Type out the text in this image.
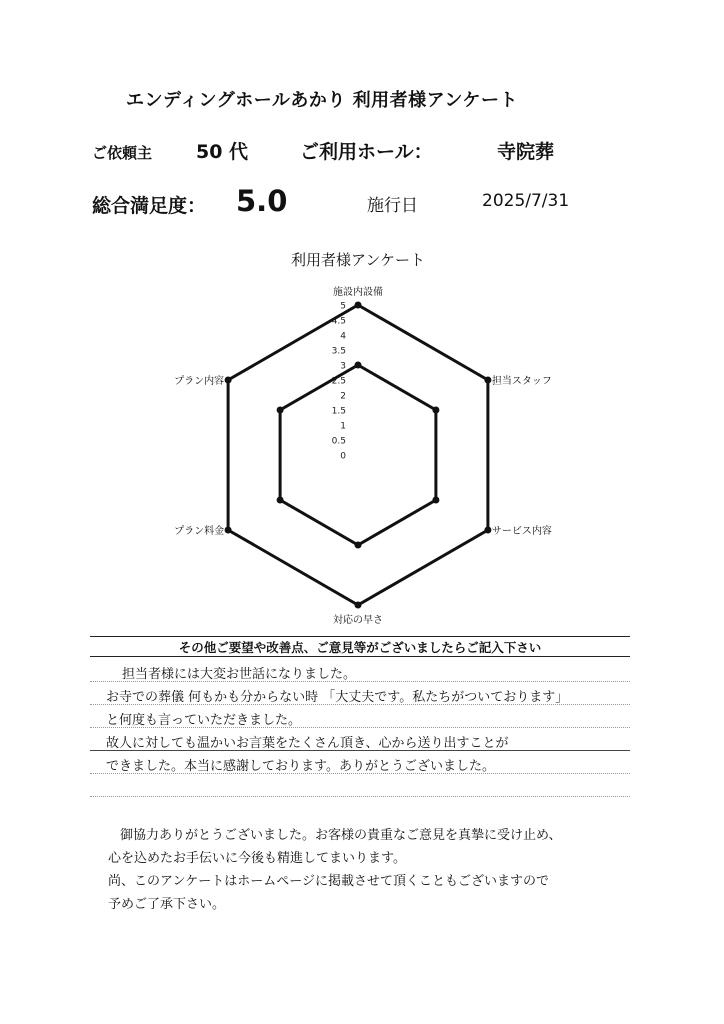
エンディングホールあかり 利用者様アンケート
ご依頼主 50 代	ご利用ホール：	寺院葬
総合満足度： 5.0	施行日	2025/7/31
利用者様アンケート
5
4.5
4
3.5
3
2.5
2
1.5
1
0.5
0
施設内設備
担当スタッフ
サービス内容
対応の早さ
プラン料金
プラン内容
その他ご要望や改善点、ご意見等がございましたらご記入下さい
担当者様には大変お世話になりました。
お寺での葬儀 何もかも分からない時 「大丈夫です。私たちがついております」
と何度も言っていただきました。
故人に対しても温かいお言葉をたくさん頂き、心から送り出すことが
できました。本当に感謝しております。ありがとうございました。
御協力ありがとうございました。お客様の貴重なご意見を真摯に受け止め、
心を込めたお手伝いに今後も精進してまいります。
尚、このアンケートはホームページに掲載させて頂くこともございますので
予めご了承下さい。
